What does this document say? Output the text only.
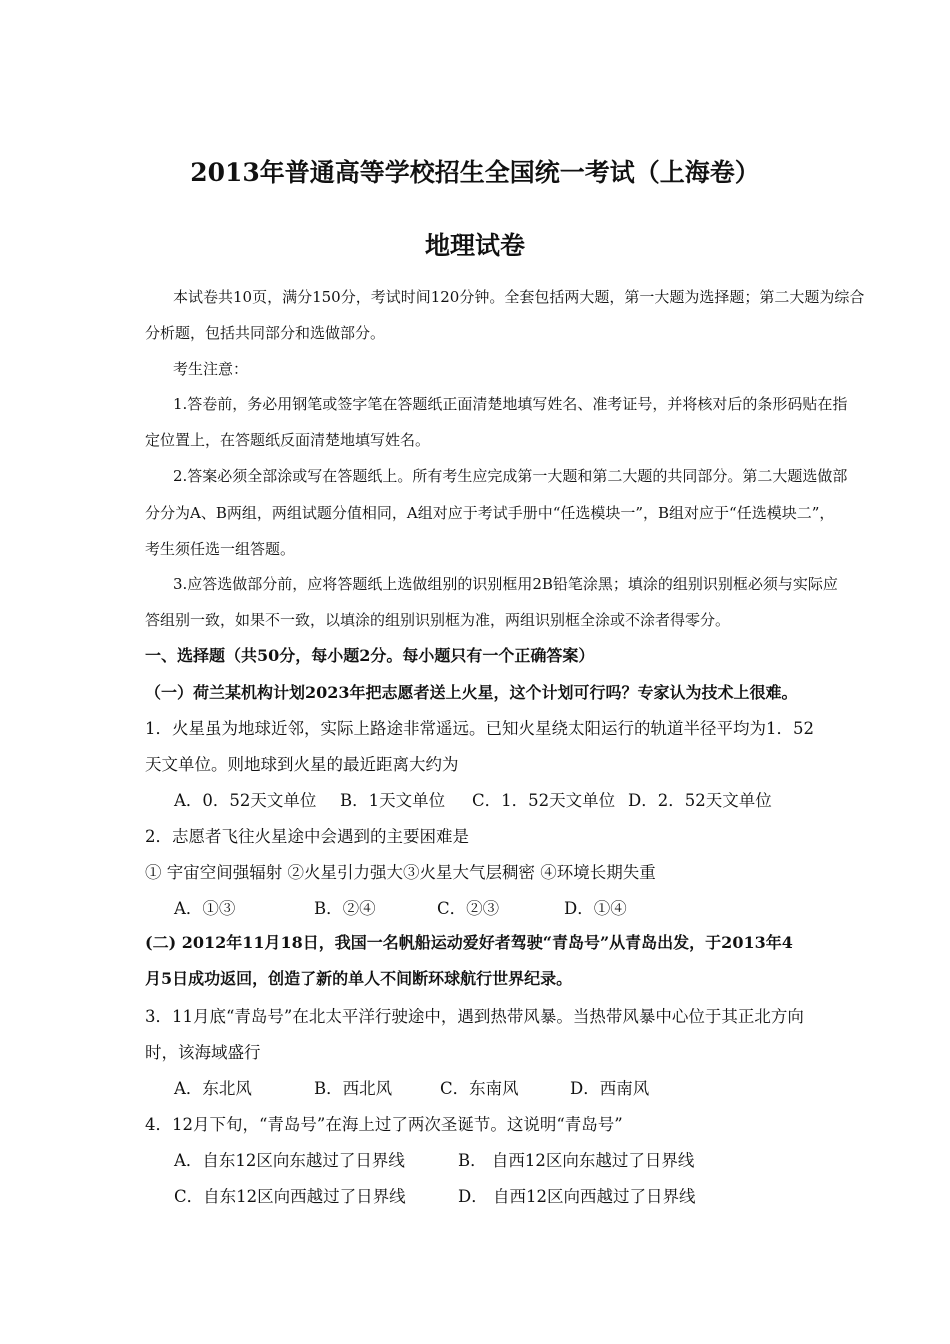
2013年普通高等学校招生全国统一考试（上海卷）
地理试卷
本试卷共10页，满分150分，考试时间120分钟。全套包括两大题，第一大题为选择题；第二大题为综合
分析题，包括共同部分和选做部分。
考生注意：
1.答卷前，务必用钢笔或签字笔在答题纸正面清楚地填写姓名、准考证号，并将核对后的条形码贴在指
定位置上，在答题纸反面清楚地填写姓名。
2.答案必须全部涂或写在答题纸上。所有考生应完成第一大题和第二大题的共同部分。第二大题选做部
分分为A、B两组，两组试题分值相同，A组对应于考试手册中“任选模块一”，B组对应于“任选模块二”，
考生须任选一组答题。
3.应答选做部分前，应将答题纸上选做组别的识别框用2B铅笔涂黑；填涂的组别识别框必须与实际应
答组别一致，如果不一致，以填涂的组别识别框为准，两组识别框全涂或不涂者得零分。
一、选择题（共50分，每小题2分。每小题只有一个正确答案）
（一）荷兰某机构计划2023年把志愿者送上火星，这个计划可行吗？专家认为技术上很难。
1．火星虽为地球近邻，实际上路途非常遥远。已知火星绕太阳运行的轨道半径平均为1．52
天文单位。则地球到火星的最近距离大约为
A．0．52天文单位 B．1天文单位 C．1．52天文单位 D．2．52天文单位
2．志愿者飞往火星途中会遇到的主要困难是
① 宇宙空间强辐射 ②火星引力强大③火星大气层稠密 ④环境长期失重
A．①③	B．②④	C．②③	D．①④
(二) 2012年11月18日，我国一名帆船运动爱好者驾驶“青岛号”从青岛出发，于2013年4
月5日成功返回，创造了新的单人不间断环球航行世界纪录。
3．11月底“青岛号”在北太平洋行驶途中，遇到热带风暴。当热带风暴中心位于其正北方向
时，该海域盛行
A．东北风	B．西北风	C．东南风	D．西南风
4．12月下旬，“青岛号”在海上过了两次圣诞节。这说明“青岛号”
A．自东12区向东越过了日界线	B． 自西12区向东越过了日界线
C．自东12区向西越过了日界线	D． 自西12区向西越过了日界线
